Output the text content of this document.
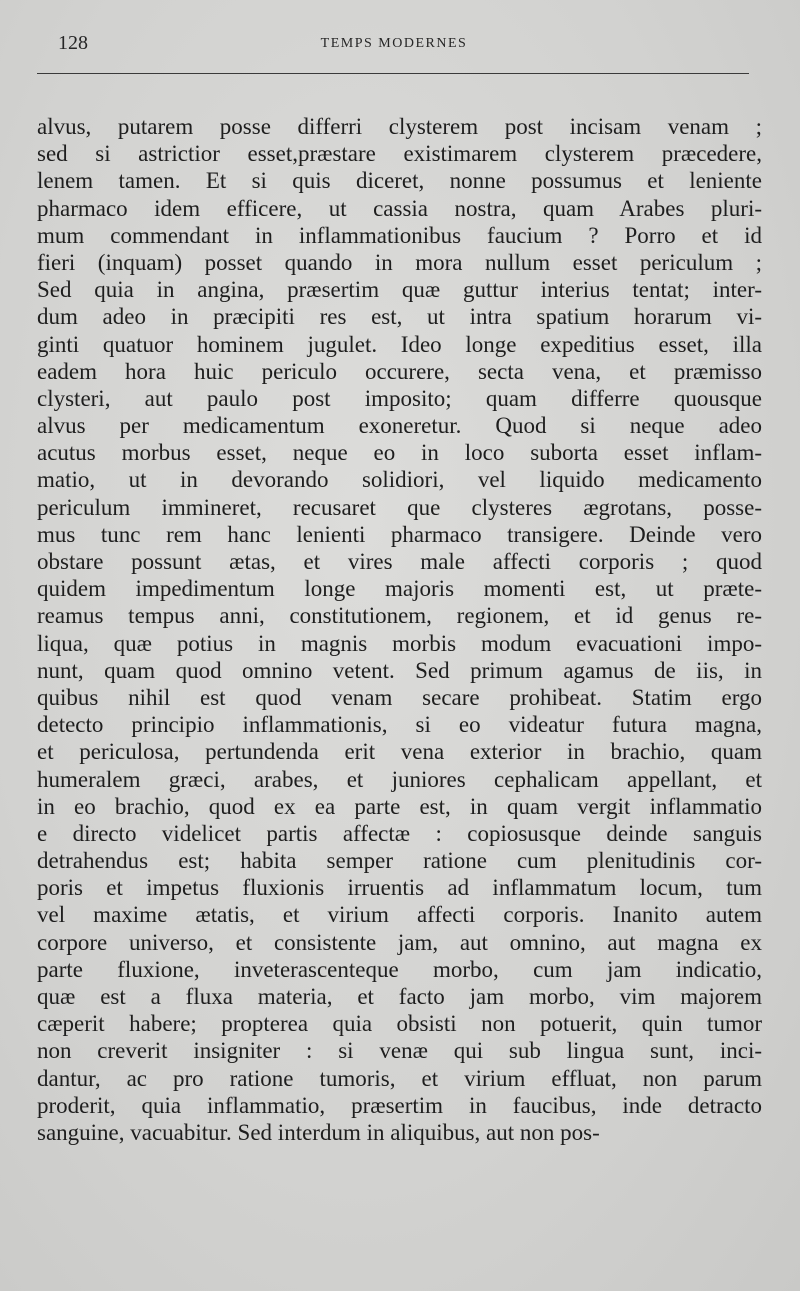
128	TEMPS MODERNES
alvus, putarem posse differri clysterem post incisam venam ;
sed si astrictior esset,præstare existimarem clysterem præcedere,
lenem tamen. Et si quis diceret, nonne possumus et leniente
pharmaco idem efficere, ut cassia nostra, quam Arabes pluri-
mum commendant in inflammationibus faucium ? Porro et id
fieri (inquam) posset quando in mora nullum esset periculum ;
Sed quia in angina, præsertim quæ guttur interius tentat; inter-
dum adeo in præcipiti res est, ut intra spatium horarum vi-
ginti quatuor hominem jugulet. Ideo longe expeditius esset, illa
eadem hora huic periculo occurere, secta vena, et præmisso
clysteri, aut paulo post imposito; quam differre quousque
alvus per medicamentum exoneretur. Quod si neque adeo
acutus morbus esset, neque eo in loco suborta esset inflam-
matio, ut in devorando solidiori, vel liquido medicamento
periculum immineret, recusaret que clysteres ægrotans, posse-
mus tunc rem hanc lenienti pharmaco transigere. Deinde vero
obstare possunt ætas, et vires male affecti corporis ; quod
quidem impedimentum longe majoris momenti est, ut præte-
reamus tempus anni, constitutionem, regionem, et id genus re-
liqua, quæ potius in magnis morbis modum evacuationi impo-
nunt, quam quod omnino vetent. Sed primum agamus de iis, in
quibus nihil est quod venam secare prohibeat. Statim ergo
detecto principio inflammationis, si eo videatur futura magna,
et periculosa, pertundenda erit vena exterior in brachio, quam
humeralem græci, arabes, et juniores cephalicam appellant, et
in eo brachio, quod ex ea parte est, in quam vergit inflammatio
e directo videlicet partis affectæ : copiosusque deinde sanguis
detrahendus est; habita semper ratione cum plenitudinis cor-
poris et impetus fluxionis irruentis ad inflammatum locum, tum
vel maxime ætatis, et virium affecti corporis. Inanito autem
corpore universo, et consistente jam, aut omnino, aut magna ex
parte fluxione, inveterascenteque morbo, cum jam indicatio,
quæ est a fluxa materia, et facto jam morbo, vim majorem
cæperit habere; propterea quia obsisti non potuerit, quin tumor
non creverit insigniter : si venæ qui sub lingua sunt, inci-
dantur, ac pro ratione tumoris, et virium effluat, non parum
proderit, quia inflammatio, præsertim in faucibus, inde detracto
sanguine, vacuabitur. Sed interdum in aliquibus, aut non pos-
